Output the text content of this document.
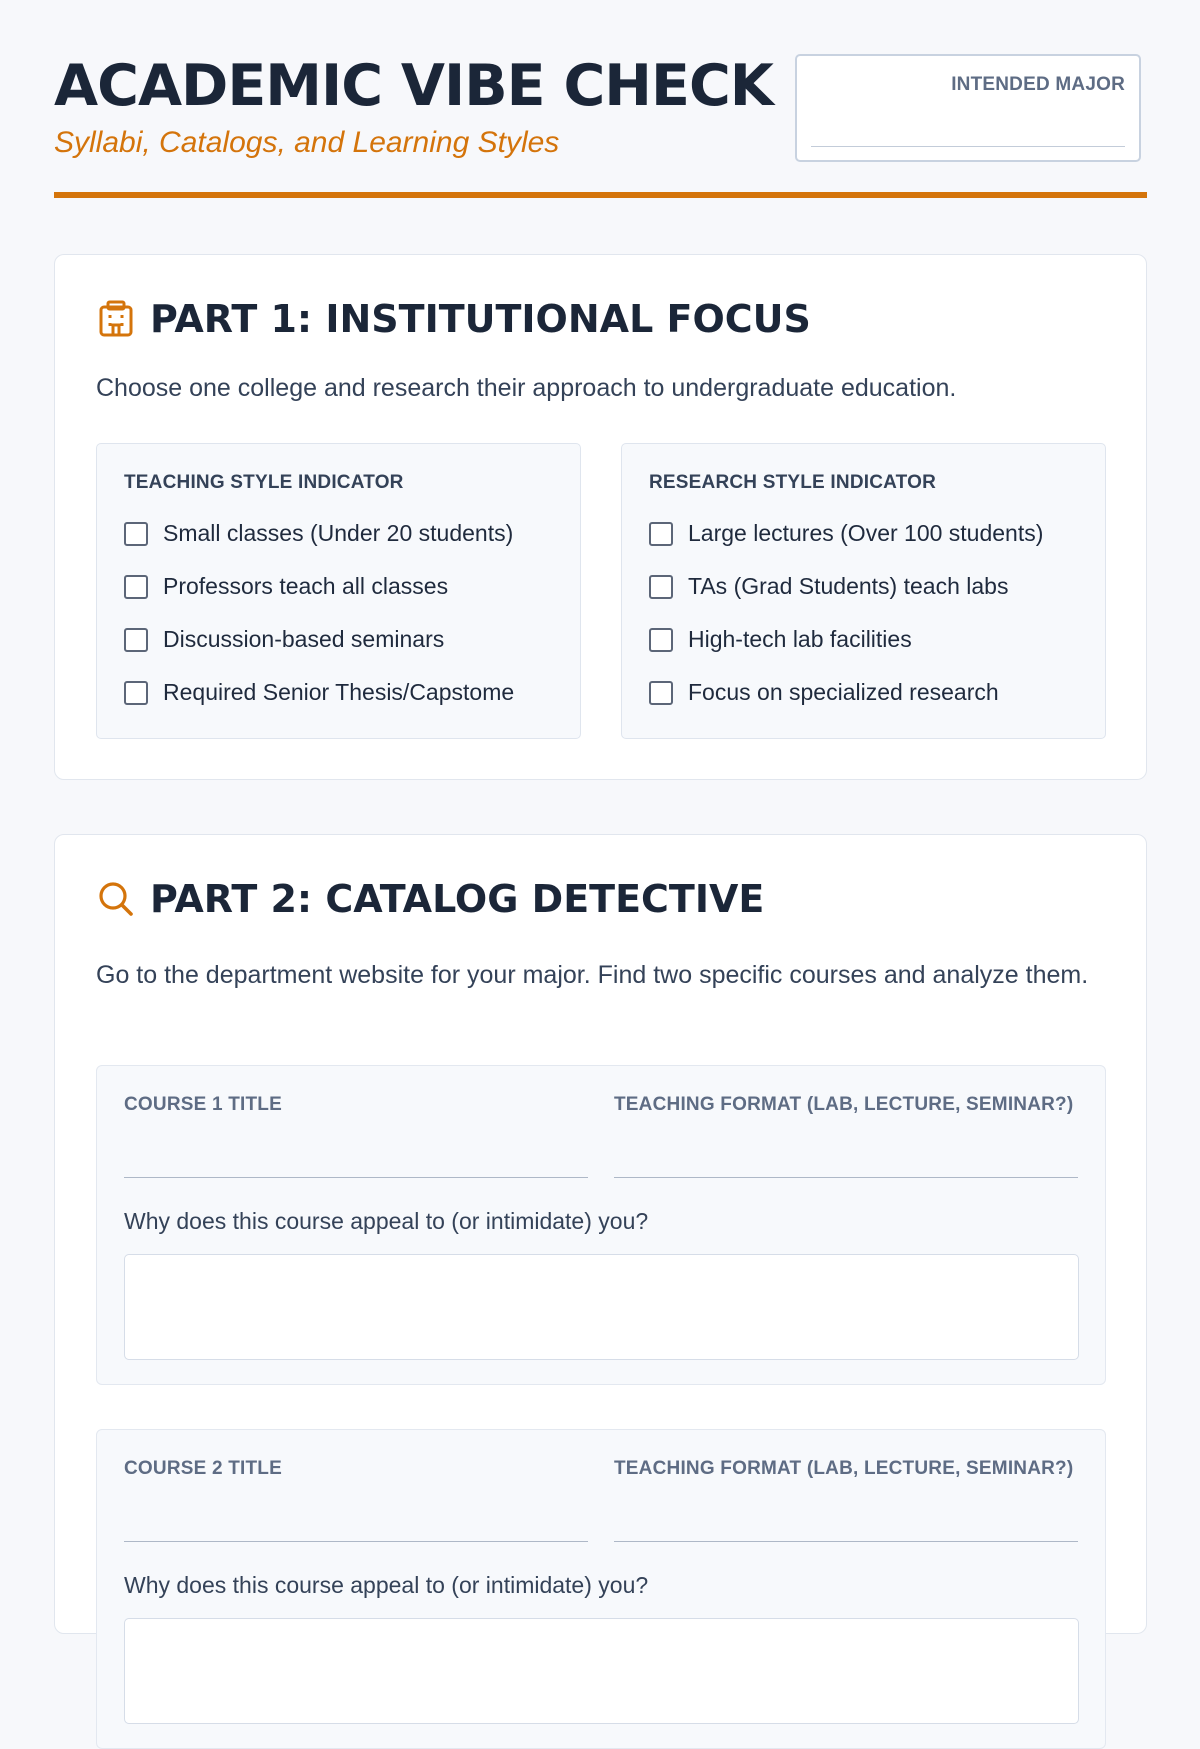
ACADEMIC VIBE CHECK
Syllabi, Catalogs, and Learning Styles
INTENDED MAJOR
PART 1: INSTITUTIONAL FOCUS
Choose one college and research their approach to undergraduate education.
TEACHING STYLE INDICATOR
Small classes (Under 20 students)
Professors teach all classes
Discussion-based seminars
Required Senior Thesis/Capstome
RESEARCH STYLE INDICATOR
Large lectures (Over 100 students)
TAs (Grad Students) teach labs
High-tech lab facilities
Focus on specialized research
PART 2: CATALOG DETECTIVE
Go to the department website for your major. Find two specific courses and analyze them.
COURSE 1 TITLE	TEACHING FORMAT (LAB, LECTURE, SEMINAR?)
Why does this course appeal to (or intimidate) you?
COURSE 2 TITLE	TEACHING FORMAT (LAB, LECTURE, SEMINAR?)
Why does this course appeal to (or intimidate) you?
